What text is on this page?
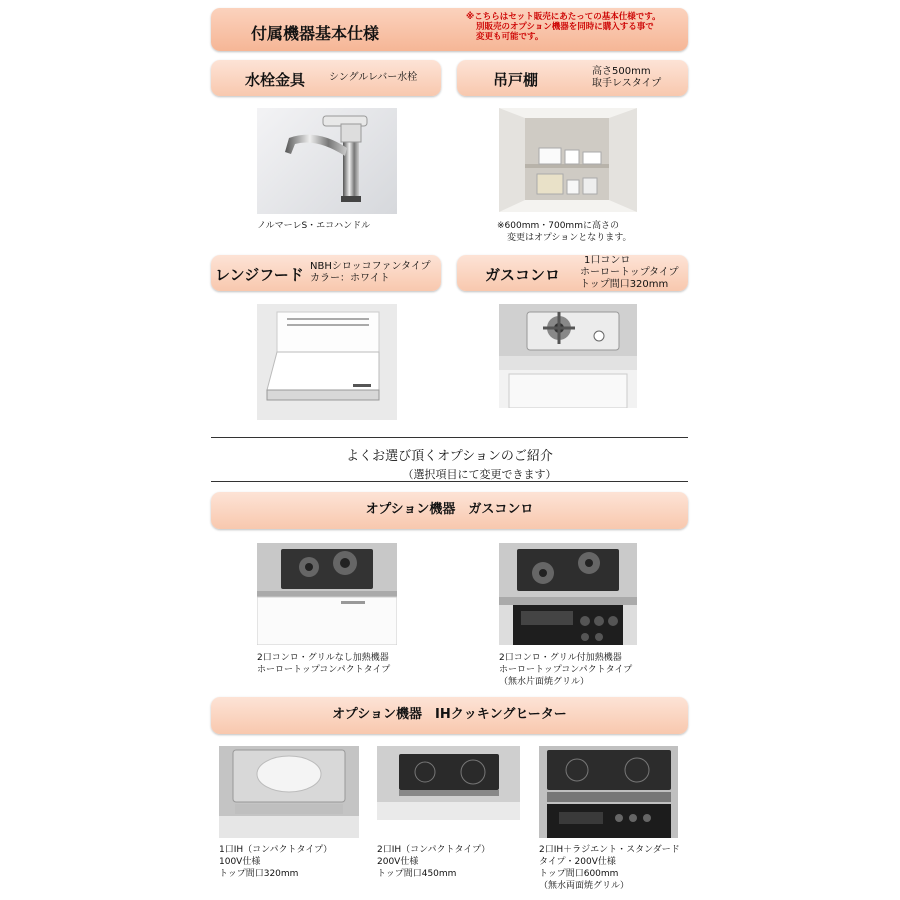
付属機器基本仕様
※こちらはセット販売にあたっての基本仕様です。
別販売のオプション機器を同時に購入する事で
変更も可能です。
水栓金具 シングルレバー水栓
ノルマーレS・エコハンドル
吊戸棚	高さ500mm
取手レスタイプ
※600mm・700mmに高さの
変更はオプションとなります。
レンジフード NBHシロッコファンタイプ
カラー：ホワイト	ガスコンロ
1口コンロ
ホーロートップタイプ
トップ間口320mm
よくお選び頂くオプションのご紹介
（選択項目にて変更できます）
オプション機器　ガスコンロ
2口コンロ・グリルなし加熱機器
ホーロートップコンパクトタイプ
2口コンロ・グリル付加熱機器
ホーロートップコンパクトタイプ
（無水片面焼グリル）
オプション機器　IHクッキングヒーター
1口IH（コンパクトタイプ）
100V仕様
トップ間口320mm
2口IH（コンパクトタイプ）
200V仕様
トップ間口450mm
2口IH＋ラジエント・スタンダード
タイプ・200V仕様
トップ間口600mm
（無水両面焼グリル）
